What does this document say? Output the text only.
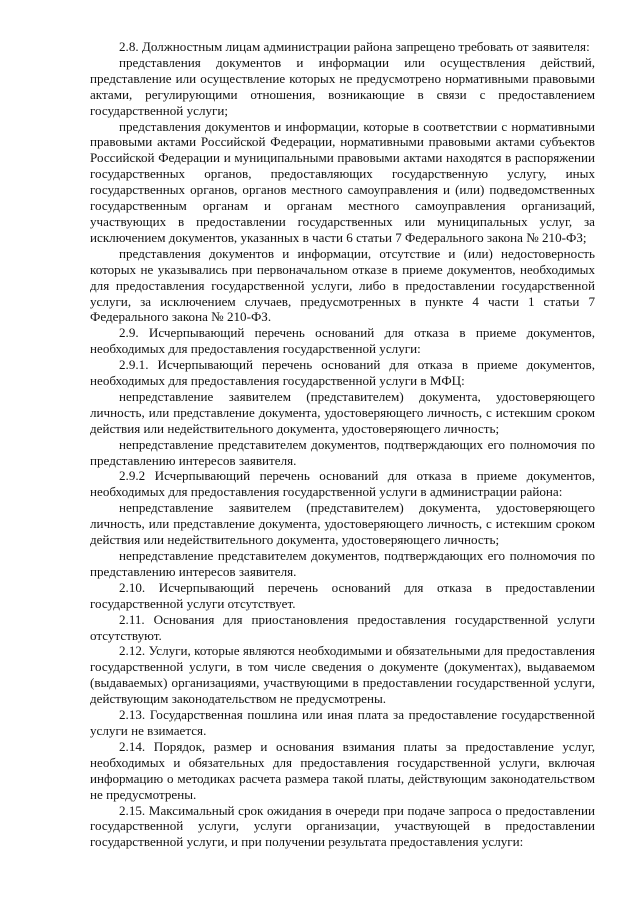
2.8. Должностным лицам администрации района запрещено требовать от заявителя:

представления документов и информации или осуществления действий, представление или осуществление которых не предусмотрено нормативными правовыми актами, регулирующими отношения, возникающие в связи с предоставлением государственной услуги;

представления документов и информации, которые в соответствии с нормативными правовыми актами Российской Федерации, нормативными правовыми актами субъектов Российской Федерации и муниципальными правовыми актами находятся в распоряжении государственных органов, предоставляющих государственную услугу, иных государственных органов, органов местного самоуправления и (или) подведомственных государственным органам и органам местного самоуправления организаций, участвующих в предоставлении государственных или муниципальных услуг, за исключением документов, указанных в части 6 статьи 7 Федерального закона № 210-ФЗ;

представления документов и информации, отсутствие и (или) недостоверность которых не указывались при первоначальном отказе в приеме документов, необходимых для предоставления государственной услуги, либо в предоставлении государственной услуги, за исключением случаев, предусмотренных в пункте 4 части 1 статьи 7 Федерального закона № 210-ФЗ.

2.9. Исчерпывающий перечень оснований для отказа в приеме документов, необходимых для предоставления государственной услуги:

2.9.1. Исчерпывающий перечень оснований для отказа в приеме документов, необходимых для предоставления государственной услуги в МФЦ:

непредставление заявителем (представителем) документа, удостоверяющего личность, или представление документа, удостоверяющего личность, с истекшим сроком действия или недействительного документа, удостоверяющего личность;

непредставление представителем документов, подтверждающих его полномочия по представлению интересов заявителя.

2.9.2 Исчерпывающий перечень оснований для отказа в приеме документов, необходимых для предоставления государственной услуги в администрации района:

непредставление заявителем (представителем) документа, удостоверяющего личность, или представление документа, удостоверяющего личность, с истекшим сроком действия или недействительного документа, удостоверяющего личность;

непредставление представителем документов, подтверждающих его полномочия по представлению интересов заявителя.

2.10. Исчерпывающий перечень оснований для отказа в предоставлении государственной услуги отсутствует.

2.11. Основания для приостановления предоставления государственной услуги отсутствуют.

2.12. Услуги, которые являются необходимыми и обязательными для предоставления государственной услуги, в том числе сведения о документе (документах), выдаваемом (выдаваемых) организациями, участвующими в предоставлении государственной услуги, действующим законодательством не предусмотрены.

2.13. Государственная пошлина или иная плата за предоставление государственной услуги не взимается.

2.14. Порядок, размер и основания взимания платы за предоставление услуг, необходимых и обязательных для предоставления государственной услуги, включая информацию о методиках расчета размера такой платы, действующим законодательством не предусмотрены.

2.15. Максимальный срок ожидания в очереди при подаче запроса о предоставлении государственной услуги, услуги организации, участвующей в предоставлении государственной услуги, и при получении результата предоставления услуги:
